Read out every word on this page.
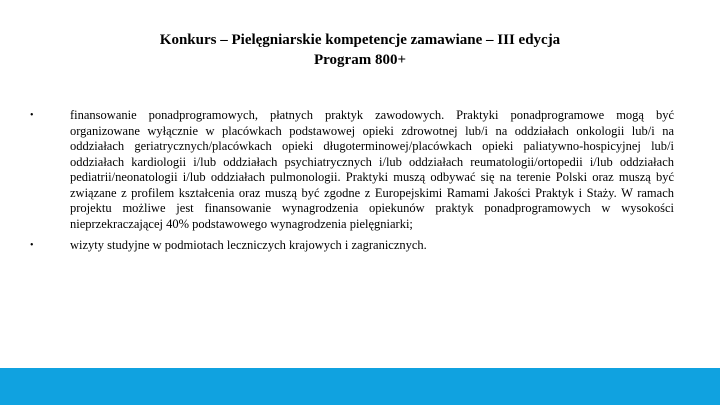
Konkurs – Pielęgniarskie kompetencje zamawiane – III edycja
Program 800+
•	finansowanie ponadprogramowych, płatnych praktyk zawodowych. Praktyki ponadprogramowe mogą być organizowane wyłącznie w placówkach podstawowej opieki zdrowotnej lub/i na oddziałach onkologii lub/i na oddziałach geriatrycznych/placówkach opieki długoterminowej/placówkach opieki paliatywno-hospicyjnej lub/i oddziałach kardiologii i/lub oddziałach psychiatrycznych i/lub oddziałach reumatologii/ortopedii i/lub oddziałach pediatrii/neonatologii i/lub oddziałach pulmonologii. Praktyki muszą odbywać się na terenie Polski oraz muszą być związane z profilem kształcenia oraz muszą być zgodne z Europejskimi Ramami Jakości Praktyk i Staży. W ramach projektu możliwe jest finansowanie wynagrodzenia opiekunów praktyk ponadprogramowych w wysokości nieprzekraczającej 40% podstawowego wynagrodzenia pielęgniarki;
•	wizyty studyjne w podmiotach leczniczych krajowych i zagranicznych.
